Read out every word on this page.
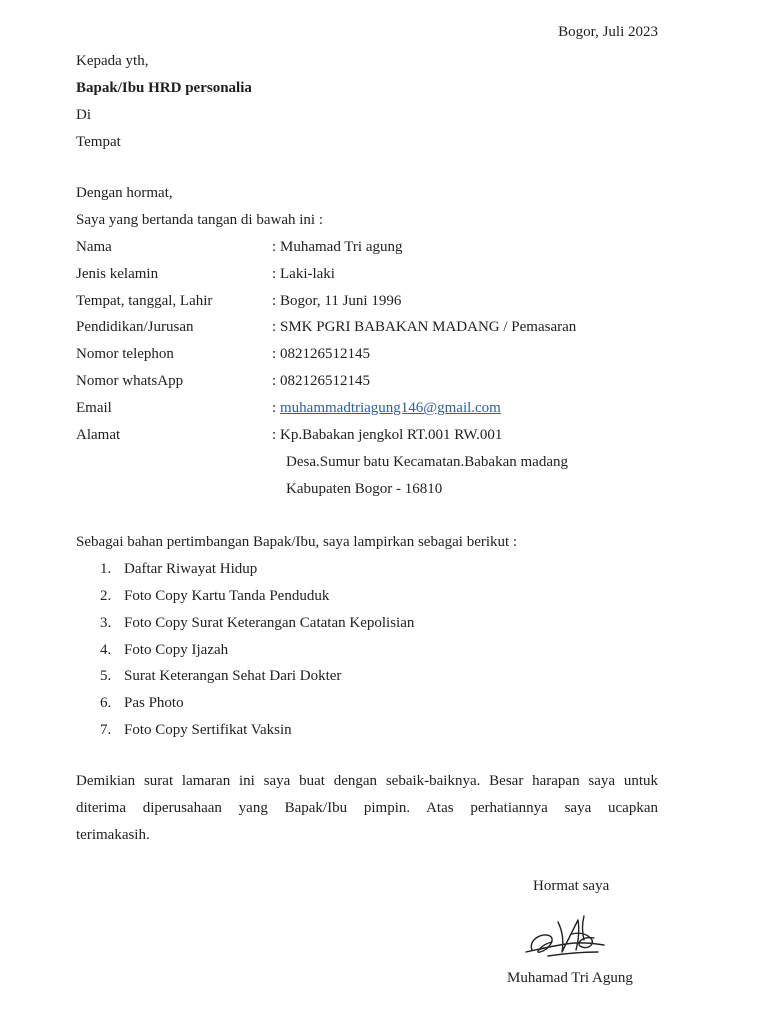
Bogor, Juli 2023
Kepada yth,
Bapak/Ibu HRD personalia
Di
Tempat
Dengan hormat,
Saya yang bertanda tangan di bawah ini :
Nama	: Muhamad Tri agung
Jenis kelamin	: Laki-laki
Tempat, tanggal, Lahir	: Bogor, 11 Juni 1996
Pendidikan/Jurusan	: SMK PGRI BABAKAN MADANG / Pemasaran
Nomor telephon	: 082126512145
Nomor whatsApp	: 082126512145
Email	: muhammadtriagung146@gmail.com
Alamat	: Kp.Babakan jengkol RT.001 RW.001
Desa.Sumur batu Kecamatan.Babakan madang
Kabupaten Bogor - 16810
Sebagai bahan pertimbangan Bapak/Ibu, saya lampirkan sebagai berikut :
1. Daftar Riwayat Hidup
2. Foto Copy Kartu Tanda Penduduk
3. Foto Copy Surat Keterangan Catatan Kepolisian
4. Foto Copy Ijazah
5. Surat Keterangan Sehat Dari Dokter
6. Pas Photo
7. Foto Copy Sertifikat Vaksin
Demikian surat lamaran ini saya buat dengan sebaik-baiknya. Besar harapan saya untuk
diterima diperusahaan yang Bapak/Ibu pimpin. Atas perhatiannya saya ucapkan
terimakasih.
Hormat saya
Muhamad Tri Agung
